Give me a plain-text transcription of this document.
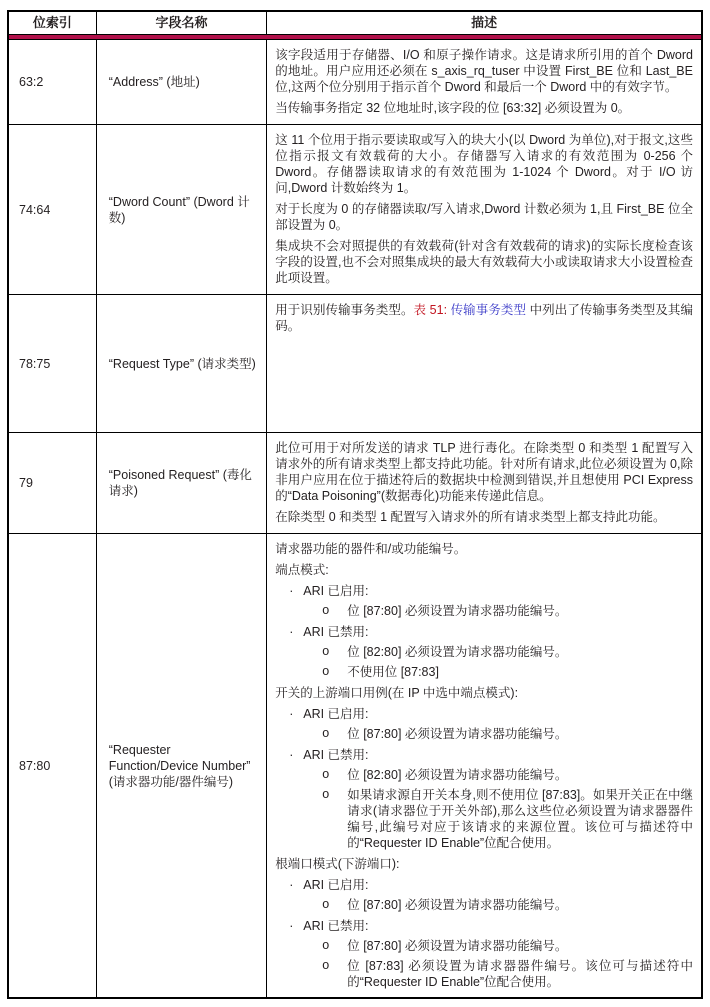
位索引	字段名称	描述

63:2	“Address” (地址)	该字段适用于存储器、I/O 和原子操作请求。这是请求所引用的首个 Dword 的地址。用户应用还必须在 s_axis_rq_tuser 中设置 First_BE 位和 Last_BE 位,这两个位分别用于指示首个 Dword 和最后一个 Dword 中的有效字节。
当传输事务指定 32 位地址时,该字段的位 [63:32] 必须设置为 0。

74:64	“Dword Count” (Dword 计数)	这 11 个位用于指示要读取或写入的块大小(以 Dword 为单位),对于报文,这些位指示报文有效载荷的大小。存储器写入请求的有效范围为 0-256 个 Dword。存储器读取请求的有效范围为 1-1024 个 Dword。对于 I/O 访问,Dword 计数始终为 1。
对于长度为 0 的存储器读取/写入请求,Dword 计数必须为 1,且 First_BE 位全部设置为 0。
集成块不会对照提供的有效载荷(针对含有效载荷的请求)的实际长度检查该字段的设置,也不会对照集成块的最大有效载荷大小或读取请求大小设置检查此项设置。

78:75	“Request Type” (请求类型)	用于识别传输事务类型。表 51: 传输事务类型 中列出了传输事务类型及其编码。

79	“Poisoned Request” (毒化请求)	此位可用于对所发送的请求 TLP 进行毒化。在除类型 0 和类型 1 配置写入请求外的所有请求类型上都支持此功能。针对所有请求,此位必须设置为 0,除非用户应用在位于描述符后的数据块中检测到错误,并且想使用 PCI Express 的“Data Poisoning”(数据毒化)功能来传递此信息。
在除类型 0 和类型 1 配置写入请求外的所有请求类型上都支持此功能。

87:80	“Requester Function/Device Number” (请求器功能/器件编号)	
请求器功能的器件和/或功能编号。
端点模式:
· ARI 已启用:
o 位 [87:80] 必须设置为请求器功能编号。
· ARI 已禁用:
o 位 [82:80] 必须设置为请求器功能编号。
o 不使用位 [87:83]
开关的上游端口用例(在 IP 中选中端点模式):
· ARI 已启用:
o 位 [87:80] 必须设置为请求器功能编号。
· ARI 已禁用:
o 位 [82:80] 必须设置为请求器功能编号。
o 如果请求源自开关本身,则不使用位 [87:83]。如果开关正在中继请求(请求器位于开关外部),那么这些位必须设置为请求器器件编号,此编号对应于该请求的来源位置。该位可与描述符中的“Requester ID Enable”位配合使用。
根端口模式(下游端口):
· ARI 已启用:
o 位 [87:80] 必须设置为请求器功能编号。
· ARI 已禁用:
o 位 [87:80] 必须设置为请求器功能编号。
o 位 [87:83] 必须设置为请求器器件编号。该位可与描述符中的“Requester ID Enable”位配合使用。
